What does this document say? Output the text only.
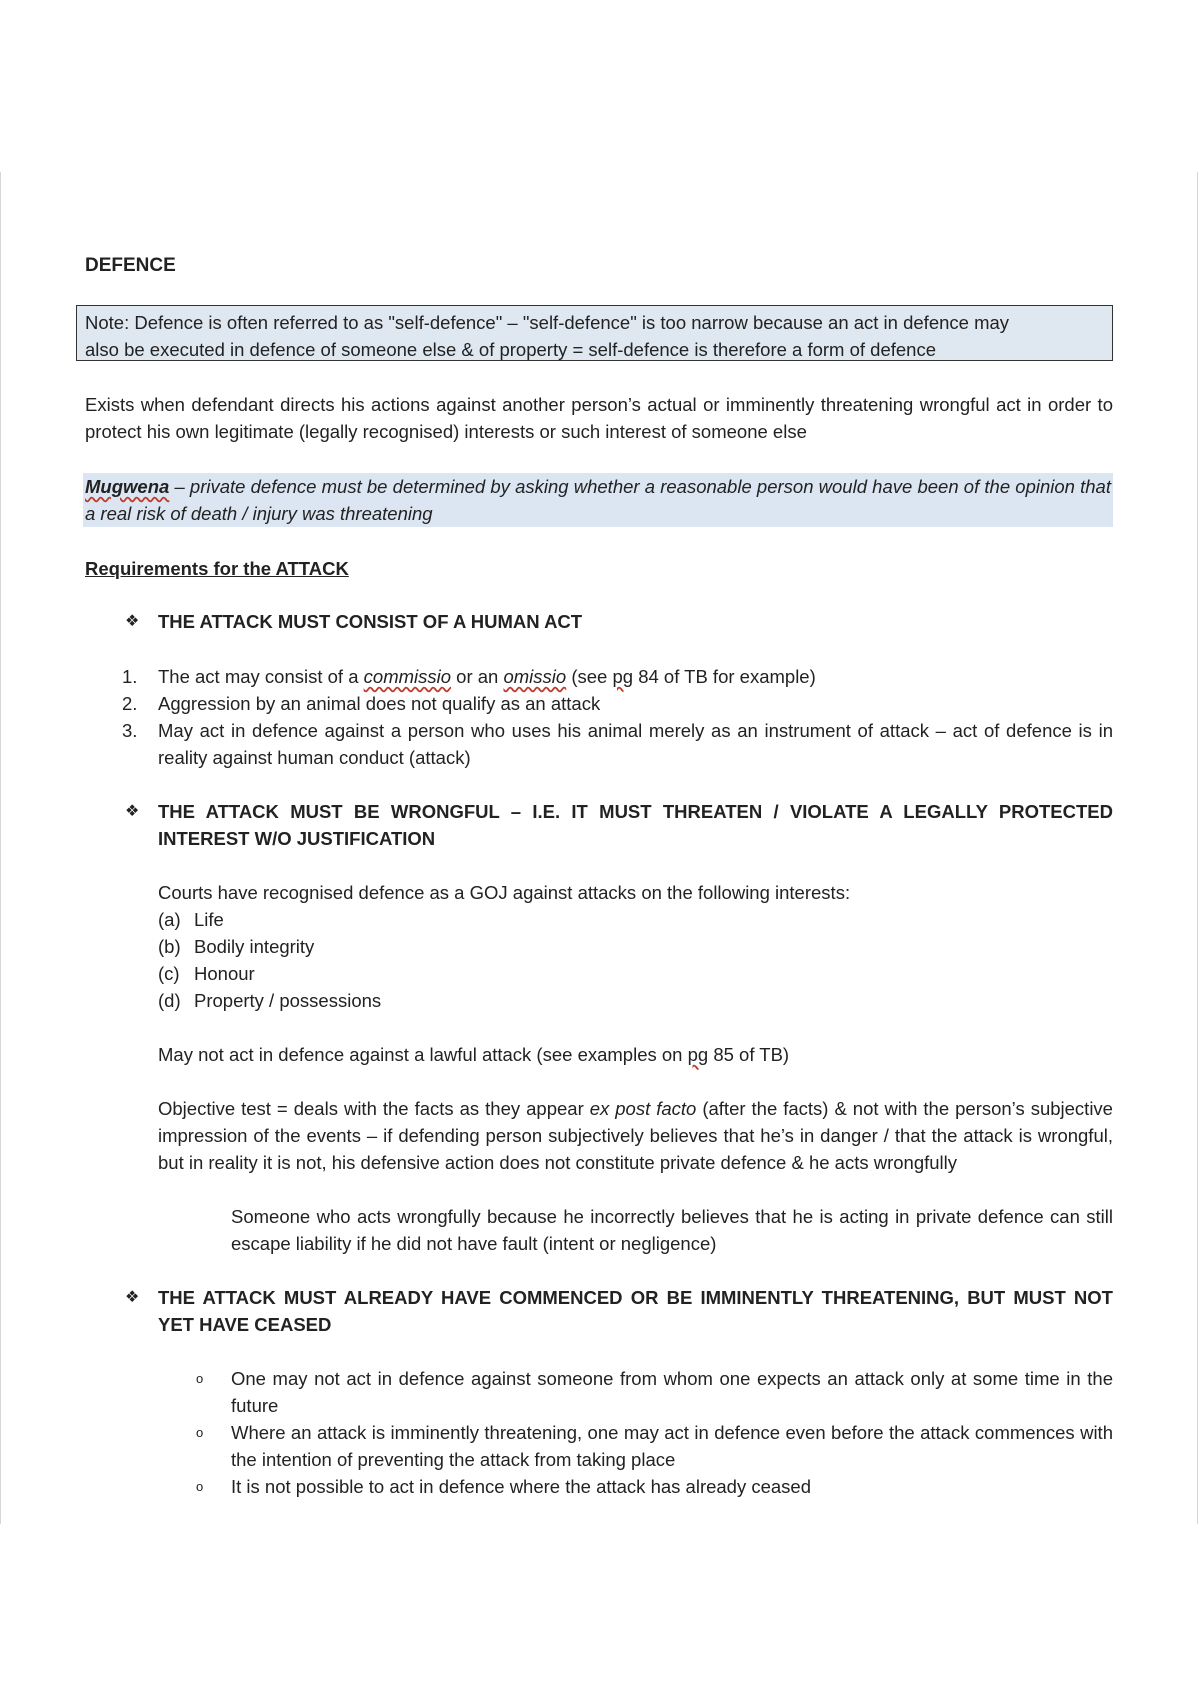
DEFENCE
Note: Defence is often referred to as "self-defence" – "self-defence" is too narrow because an act in defence may
also be executed in defence of someone else & of property = self-defence is therefore a form of defence
Exists when defendant directs his actions against another person’s actual or imminently threatening wrongful act in order to protect his own legitimate (legally recognised) interests or such interest of someone else
Mugwena – private defence must be determined by asking whether a reasonable person would have been of the opinion that a real risk of death / injury was threatening
Requirements for the ATTACK
❖ THE ATTACK MUST CONSIST OF A HUMAN ACT
1.	The act may consist of a commissio or an omissio (see pg 84 of TB for example)
2.	Aggression by an animal does not qualify as an attack
3.	May act in defence against a person who uses his animal merely as an instrument of attack – act of defence is in reality against human conduct (attack)
❖ THE ATTACK MUST BE WRONGFUL – I.E. IT MUST THREATEN / VIOLATE A LEGALLY PROTECTED INTEREST W/O JUSTIFICATION
Courts have recognised defence as a GOJ against attacks on the following interests:
(a) Life
(b) Bodily integrity
(c) Honour
(d) Property / possessions
May not act in defence against a lawful attack (see examples on pg 85 of TB)
Objective test = deals with the facts as they appear ex post facto (after the facts) & not with the person’s subjective impression of the events – if defending person subjectively believes that he’s in danger / that the attack is wrongful, but in reality it is not, his defensive action does not constitute private defence & he acts wrongfully
Someone who acts wrongfully because he incorrectly believes that he is acting in private defence can still escape liability if he did not have fault (intent or negligence)
❖ THE ATTACK MUST ALREADY HAVE COMMENCED OR BE IMMINENTLY THREATENING, BUT MUST NOT YET HAVE CEASED
o One may not act in defence against someone from whom one expects an attack only at some time in the future
o Where an attack is imminently threatening, one may act in defence even before the attack commences with the intention of preventing the attack from taking place
o It is not possible to act in defence where the attack has already ceased
